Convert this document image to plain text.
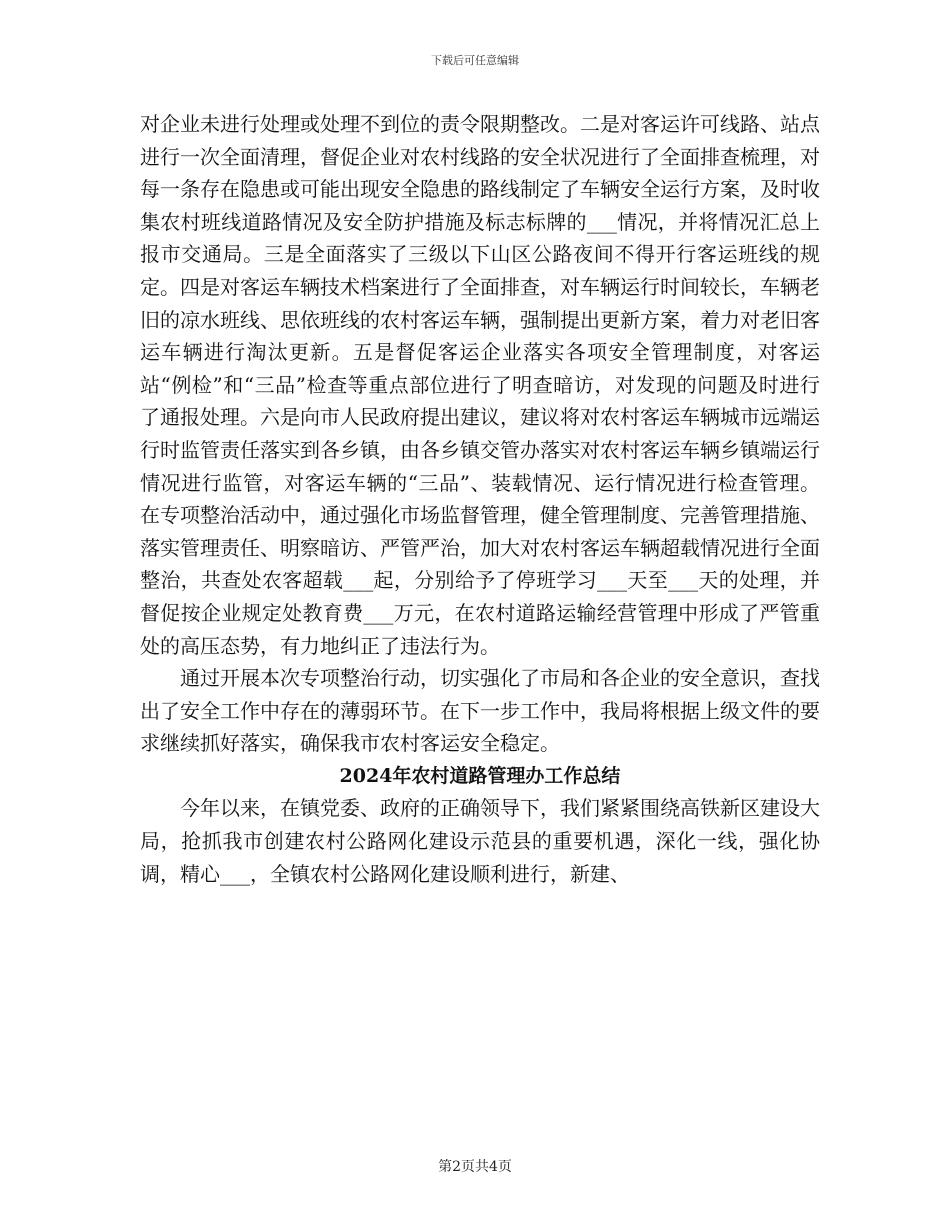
下载后可任意编辑

对企业未进行处理或处理不到位的责令限期整改。二是对客运许可线路、站点进行一次全面清理，督促企业对农村线路的安全状况进行了全面排查梳理，对每一条存在隐患或可能出现安全隐患的路线制定了车辆安全运行方案，及时收集农村班线道路情况及安全防护措施及标志标牌的___情况，并将情况汇总上报市交通局。三是全面落实了三级以下山区公路夜间不得开行客运班线的规定。四是对客运车辆技术档案进行了全面排查，对车辆运行时间较长，车辆老旧的凉水班线、思依班线的农村客运车辆，强制提出更新方案，着力对老旧客运车辆进行淘汰更新。五是督促客运企业落实各项安全管理制度，对客运站“例检”和“三品”检查等重点部位进行了明查暗访，对发现的问题及时进行了通报处理。六是向市人民政府提出建议，建议将对农村客运车辆城市远端运行时监管责任落实到各乡镇，由各乡镇交管办落实对农村客运车辆乡镇端运行情况进行监管，对客运车辆的“三品”、装载情况、运行情况进行检查管理。在专项整治活动中，通过强化市场监督管理，健全管理制度、完善管理措施、落实管理责任、明察暗访、严管严治，加大对农村客运车辆超载情况进行全面整治，共查处农客超载___起，分别给予了停班学习___天至___天的处理，并督促按企业规定处教育费___万元，在农村道路运输经营管理中形成了严管重处的高压态势，有力地纠正了违法行为。

通过开展本次专项整治行动，切实强化了市局和各企业的安全意识，查找出了安全工作中存在的薄弱环节。在下一步工作中，我局将根据上级文件的要求继续抓好落实，确保我市农村客运安全稳定。

2024年农村道路管理办工作总结

今年以来，在镇党委、政府的正确领导下，我们紧紧围绕高铁新区建设大局，抢抓我市创建农村公路网化建设示范县的重要机遇，深化一线，强化协调，精心___，全镇农村公路网化建设顺利进行，新建、

第2页共4页
